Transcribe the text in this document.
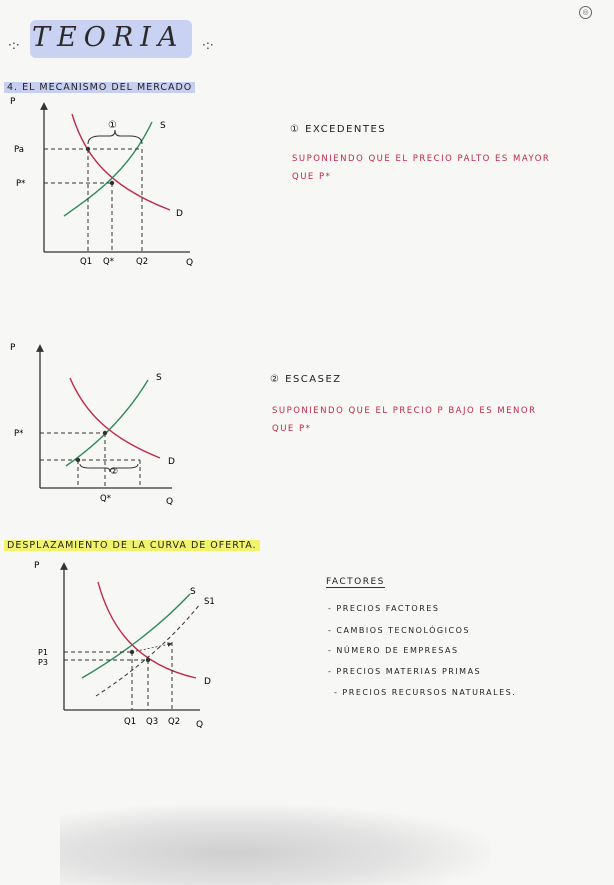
·:· TEORIA ·:·
◎
4. EL MECANISMO DEL MERCADO
P
Q
S
D
①
Pa
P*
Q1 Q*	Q2
① EXCEDENTES
SUPONIENDO QUE EL PRECIO PALTO ES MAYOR QUE P*
P
Q
S
D
②
P*
Q*
② ESCASEZ
SUPONIENDO QUE EL PRECIO P BAJO ES MENOR QUE P*
DESPLAZAMIENTO DE LA CURVA DE OFERTA.
P
Q
S
S1
D
P1
P3
Q1 Q3 Q2
FACTORES
- PRECIOS FACTORES
- CAMBIOS TECNOLÓGICOS
- NÚMERO DE EMPRESAS
- PRECIOS MATERIAS PRIMAS
- PRECIOS RECURSOS NATURALES.
